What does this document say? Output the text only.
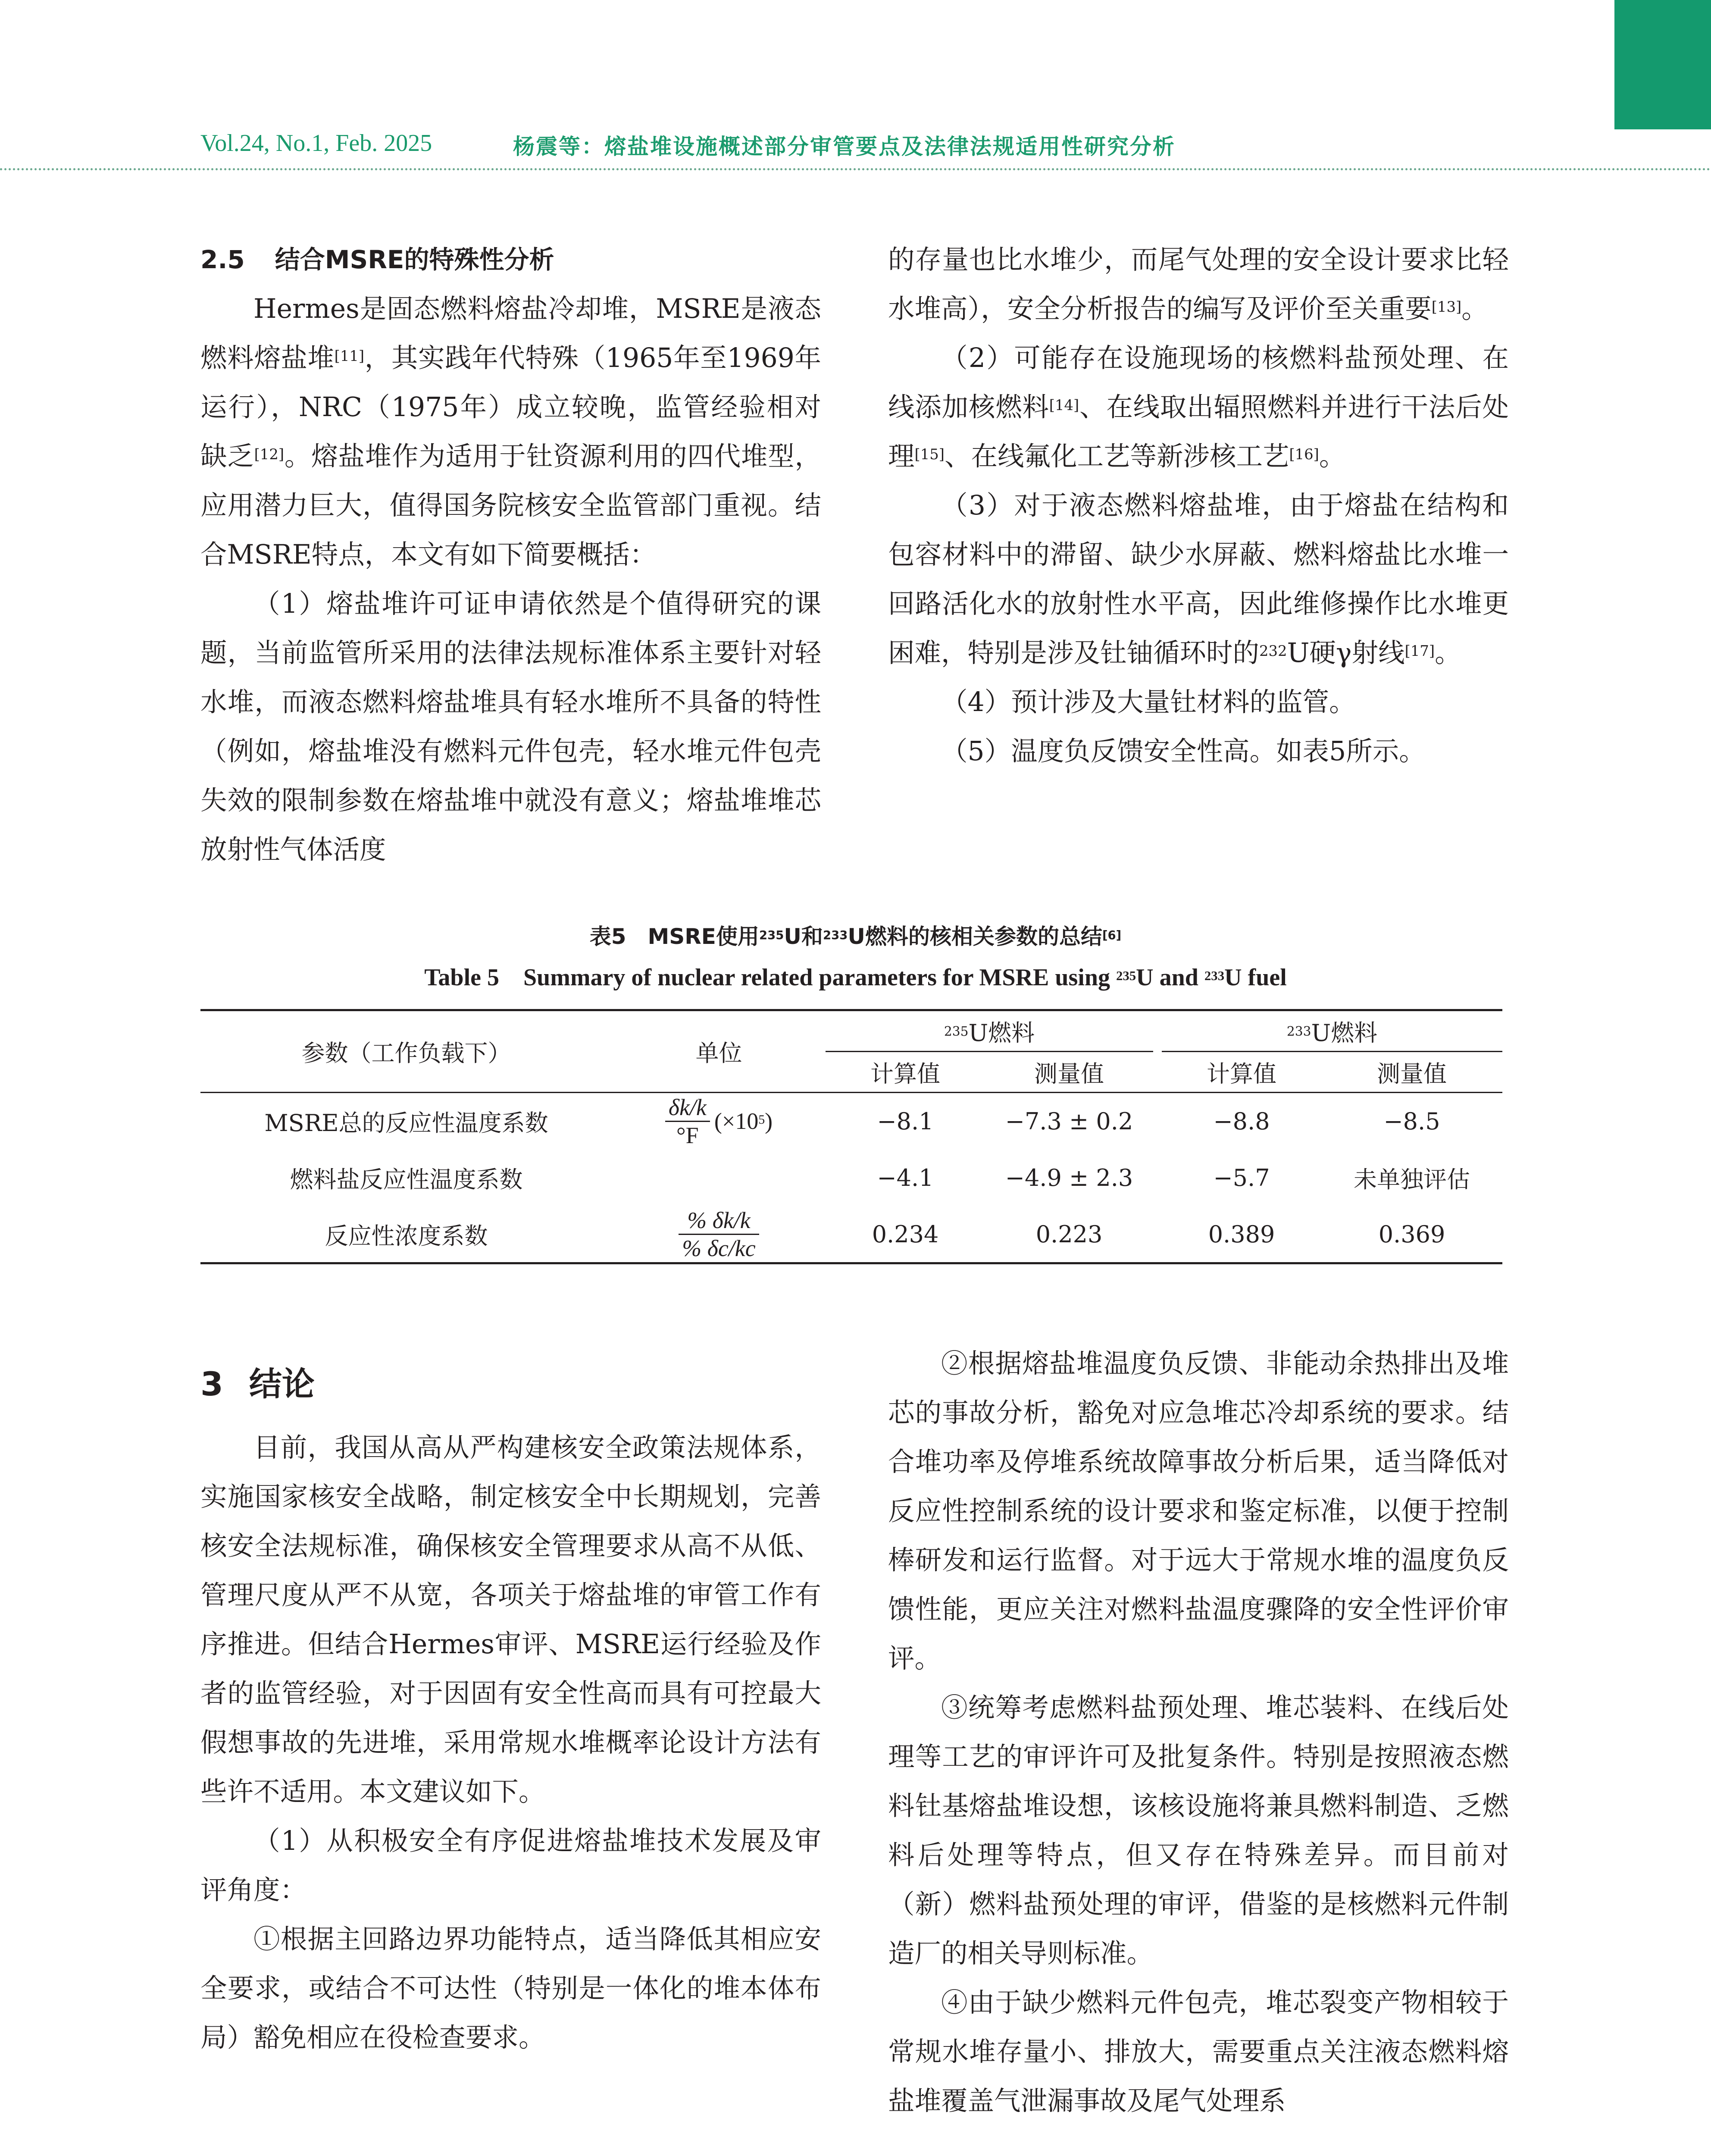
Vol.24, No.1, Feb. 2025	杨震等：熔盐堆设施概述部分审管要点及法律法规适用性研究分析
2.5 结合MSRE的特殊性分析

Hermes是固态燃料熔盐冷却堆，MSRE是液态燃料熔盐堆[11]，其实践年代特殊（1965年至1969年运行），NRC（1975年）成立较晚，监管经验相对缺乏[12]。熔盐堆作为适用于钍资源利用的四代堆型，应用潜力巨大，值得国务院核安全监管部门重视。结合MSRE特点，本文有如下简要概括：

（1）熔盐堆许可证申请依然是个值得研究的课题，当前监管所采用的法律法规标准体系主要针对轻水堆，而液态燃料熔盐堆具有轻水堆所不具备的特性（例如，熔盐堆没有燃料元件包壳，轻水堆元件包壳失效的限制参数在熔盐堆中就没有意义；熔盐堆堆芯放射性气体活度

的存量也比水堆少，而尾气处理的安全设计要求比轻水堆高），安全分析报告的编写及评价至关重要[13]。

（2）可能存在设施现场的核燃料盐预处理、在线添加核燃料[14]、在线取出辐照燃料并进行干法后处理[15]、在线氟化工艺等新涉核工艺[16]。

（3）对于液态燃料熔盐堆，由于熔盐在结构和包容材料中的滞留、缺少水屏蔽、燃料熔盐比水堆一回路活化水的放射性水平高，因此维修操作比水堆更困难，特别是涉及钍铀循环时的$^{232}$U硬γ射线[17]。

（4）预计涉及大量钍材料的监管。

（5）温度负反馈安全性高。如表5所示。

表5　MSRE使用$^{235}$U和$^{233}$U燃料的核相关参数的总结[6]
Table 5　Summary of nuclear related parameters for MSRE using $^{235}$U and $^{233}$U fuel
参数（工作负载下）	单位	$^{235}$U燃料			$^{233}$U燃料	
		计算值	测量值		计算值	测量值
MSRE总的反应性温度系数	$\frac{\delta k/k}{^\circ F} (\times 10^5)$	−8.1	−7.3 ± 0.2		−8.8	−8.5
燃料盐反应性温度系数		−4.1	−4.9 ± 2.3		−5.7	未单独评估
反应性浓度系数	$\frac{\% \delta k/k}{\% \delta c/kc}$	0.234	0.223		0.389	0.369
3 结论

目前，我国从高从严构建核安全政策法规体系，实施国家核安全战略，制定核安全中长期规划，完善核安全法规标准，确保核安全管理要求从高不从低、管理尺度从严不从宽，各项关于熔盐堆的审管工作有序推进。但结合Hermes审评、MSRE运行经验及作者的监管经验，对于因固有安全性高而具有可控最大假想事故的先进堆，采用常规水堆概率论设计方法有些许不适用。本文建议如下。

（1）从积极安全有序促进熔盐堆技术发展及审评角度：

①根据主回路边界功能特点，适当降低其相应安全要求，或结合不可达性（特别是一体化的堆本体布局）豁免相应在役检查要求。

②根据熔盐堆温度负反馈、非能动余热排出及堆芯的事故分析，豁免对应急堆芯冷却系统的要求。结合堆功率及停堆系统故障事故分析后果，适当降低对反应性控制系统的设计要求和鉴定标准，以便于控制棒研发和运行监督。对于远大于常规水堆的温度负反馈性能，更应关注对燃料盐温度骤降的安全性评价审评。

③统筹考虑燃料盐预处理、堆芯装料、在线后处理等工艺的审评许可及批复条件。特别是按照液态燃料钍基熔盐堆设想，该核设施将兼具燃料制造、乏燃料后处理等特点，但又存在特殊差异。而目前对（新）燃料盐预处理的审评，借鉴的是核燃料元件制造厂的相关导则标准。

④由于缺少燃料元件包壳，堆芯裂变产物相较于常规水堆存量小、排放大，需要重点关注液态燃料熔盐堆覆盖气泄漏事故及尾气处理系
